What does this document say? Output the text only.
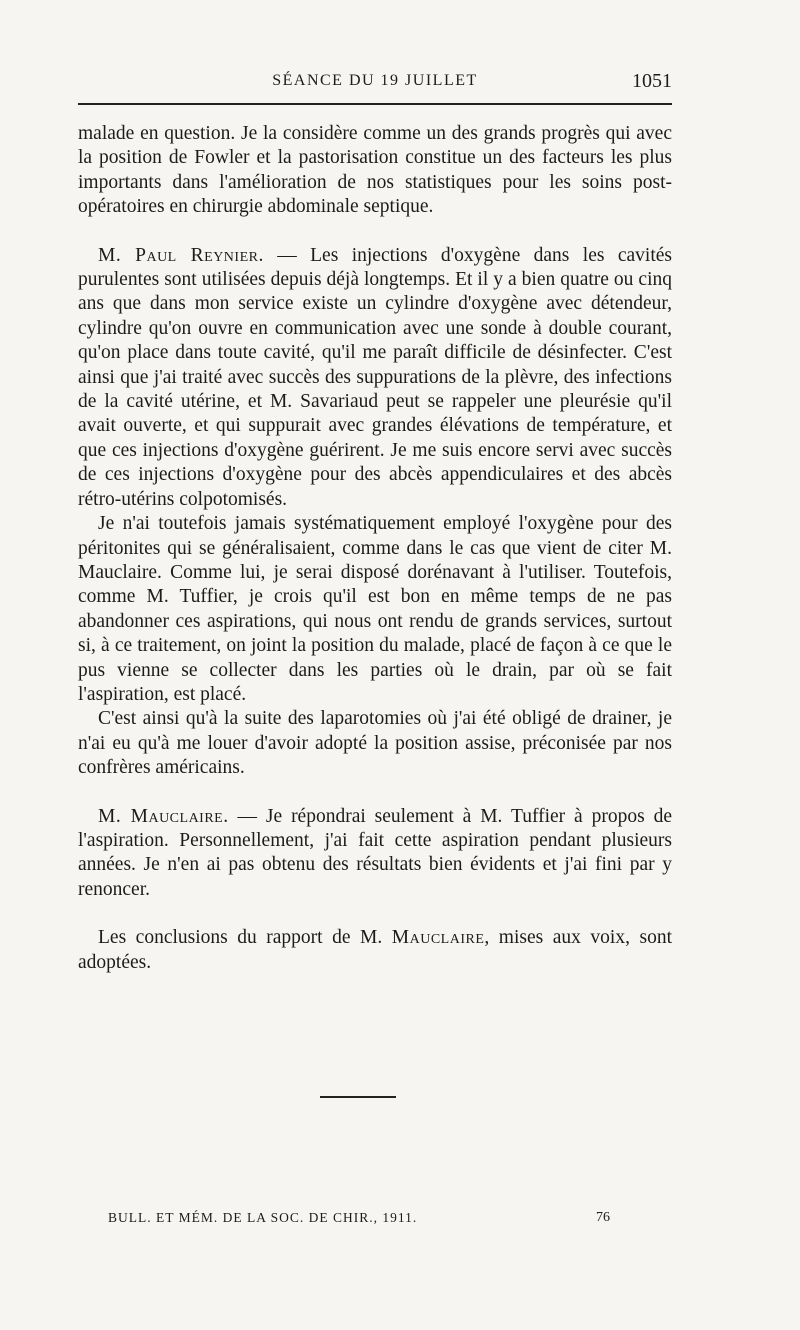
SÉANCE DU 19 JUILLET	1051

malade en question. Je la considère comme un des grands progrès qui avec la position de Fowler et la pastorisation constitue un des facteurs les plus importants dans l'amélioration de nos statistiques pour les soins post-opératoires en chirurgie abdominale septique.

M. Paul Reynier. — Les injections d'oxygène dans les cavités purulentes sont utilisées depuis déjà longtemps. Et il y a bien quatre ou cinq ans que dans mon service existe un cylindre d'oxygène avec détendeur, cylindre qu'on ouvre en communication avec une sonde à double courant, qu'on place dans toute cavité, qu'il me paraît difficile de désinfecter. C'est ainsi que j'ai traité avec succès des suppurations de la plèvre, des infections de la cavité utérine, et M. Savariaud peut se rappeler une pleurésie qu'il avait ouverte, et qui suppurait avec grandes élévations de température, et que ces injections d'oxygène guérirent. Je me suis encore servi avec succès de ces injections d'oxygène pour des abcès appendiculaires et des abcès rétro-utérins colpotomisés.

Je n'ai toutefois jamais systématiquement employé l'oxygène pour des péritonites qui se généralisaient, comme dans le cas que vient de citer M. Mauclaire. Comme lui, je serai disposé dorénavant à l'utiliser. Toutefois, comme M. Tuffier, je crois qu'il est bon en même temps de ne pas abandonner ces aspirations, qui nous ont rendu de grands services, surtout si, à ce traitement, on joint la position du malade, placé de façon à ce que le pus vienne se collecter dans les parties où le drain, par où se fait l'aspiration, est placé.

C'est ainsi qu'à la suite des laparotomies où j'ai été obligé de drainer, je n'ai eu qu'à me louer d'avoir adopté la position assise, préconisée par nos confrères américains.

M. Mauclaire. — Je répondrai seulement à M. Tuffier à propos de l'aspiration. Personnellement, j'ai fait cette aspiration pendant plusieurs années. Je n'en ai pas obtenu des résultats bien évidents et j'ai fini par y renoncer.

Les conclusions du rapport de M. Mauclaire, mises aux voix, sont adoptées.

BULL. ET MÉM. DE LA SOC. DE CHIR., 1911.	76
